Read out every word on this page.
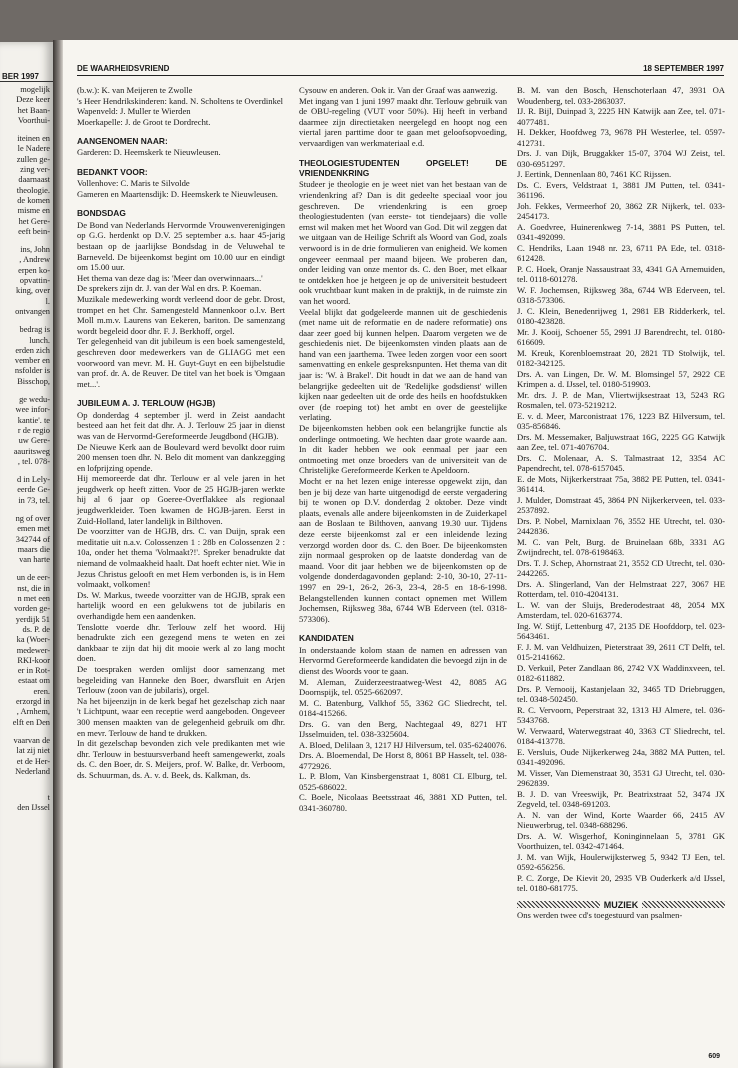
BER 1997
mogelijk
Deze keer
het Baan-
Voorthui-
iteinen en
le Nadere
zullen ge-
zing ver-
daarnaast
theologie.
de komen
misme en
het Gere-
eeft bein-
ins, John
, Andrew
erpen ko-
opvattin-
king, over
l.
ontvangen
bedrag is
lunch.
erden zich
vember en
nsfolder is
Bisschop,
ge wedu-
wee infor-
kantie'. te
r de regio
uw Gere-
aauritsweg
, tel. 078-
d in Lely-
eerde Ge-
in 73, tel.
ng of over
emen met
342744 of
maars die
van harte
un de eer-
nst, die in
n met een
vorden ge-
yerdijk 51
ds. P. de
ka (Woer-
medewer-
RKI-koor
er in Rot-
estaat om
eren.
erzorgd in
, Arnhem,
elft en Den
vaarvan de
lat zij niet
et de Her-
Nederland
t
den IJssel
DE WAARHEIDSVRIEND	18 SEPTEMBER 1997

(b.w.): K. van Meijeren te Zwolle

's Heer Hendrikskinderen: kand. N. Scholtens te Overdinkel

Wapenveld: J. Muller te Wierden

Moerkapelle: J. de Groot te Dordrecht.

AANGENOMEN NAAR:

Garderen: D. Heemskerk te Nieuwleusen.

BEDANKT VOOR:

Vollenhove: C. Maris te Silvolde

Gameren en Maartensdijk: D. Heemskerk te Nieuwleusen.

BONDSDAG

De Bond van Nederlands Hervormde Vrouwenverenigingen op G.G. herdenkt op D.V. 25 september a.s. haar 45-jarig bestaan op de jaarlijkse Bondsdag in de Veluwehal te Barneveld. De bijeenkomst begint om 10.00 uur en eindigt om 15.00 uur.

Het thema van deze dag is: 'Meer dan overwinnaars...'

De sprekers zijn dr. J. van der Wal en drs. P. Koeman.

Muzikale medewerking wordt verleend door de gebr. Drost, trompet en het Chr. Samengesteld Mannenkoor o.l.v. Bert Moll m.m.v. Laurens van Eekeren, bariton. De samenzang wordt begeleid door dhr. F. J. Berkhoff, orgel.

Ter gelegenheid van dit jubileum is een boek samengesteld, geschreven door medewerkers van de GLIAGG met een voorwoord van mevr. M. H. Guyt-Guyt en een bijbelstudie van prof. dr. A. de Reuver. De titel van het boek is 'Omgaan met...'.

JUBILEUM A. J. TERLOUW (HGJB)

Op donderdag 4 september jl. werd in Zeist aandacht besteed aan het feit dat dhr. A. J. Terlouw 25 jaar in dienst was van de Hervormd-Gereformeerde Jeugdbond (HGJB).

De Nieuwe Kerk aan de Boulevard werd bevolkt door ruim 200 mensen toen dhr. N. Belo dit moment van dankzegging en lofprijzing opende.

Hij memoreerde dat dhr. Terlouw er al vele jaren in het jeugdwerk op heeft zitten. Voor de 25 HGJB-jaren werkte hij al 6 jaar op Goeree-Overflakkee als regionaal jeugdwerkleider. Toen kwamen de HGJB-jaren. Eerst in Zuid-Holland, later landelijk in Bilthoven.

De voorzitter van de HGJB, drs. C. van Duijn, sprak een meditatie uit n.a.v. Colossenzen 1 : 28b en Colossenzen 2 : 10a, onder het thema 'Volmaakt?!'. Spreker benadrukte dat niemand de volmaakheid haalt. Dat hoeft echter niet. Wie in Jezus Christus gelooft en met Hem verbonden is, is in Hem volmaakt, volkomen!

Ds. W. Markus, tweede voorzitter van de HGJB, sprak een hartelijk woord en een gelukwens tot de jubilaris en overhandigde hem een aandenken.

Tenslotte voerde dhr. Terlouw zelf het woord. Hij benadrukte zich een gezegend mens te weten en zei dankbaar te zijn dat hij dit mooie werk al zo lang mocht doen.

De toespraken werden omlijst door samenzang met begeleiding van Hanneke den Boer, dwarsfluit en Arjen Terlouw (zoon van de jubilaris), orgel.

Na het bijeenzijn in de kerk begaf het gezelschap zich naar 't Lichtpunt, waar een receptie werd aangeboden. Ongeveer 300 mensen maakten van de gelegenheid gebruik om dhr. en mevr. Terlouw de hand te drukken.

In dit gezelschap bevonden zich vele predikanten met wie dhr. Terlouw in bestuursverband heeft samengewerkt, zoals ds. C. den Boer, dr. S. Meijers, prof. W. Balke, dr. Verboom, ds. Schuurman, ds. A. v. d. Beek, ds. Kalkman, ds.

Cysouw en anderen. Ook ir. Van der Graaf was aanwezig.

Met ingang van 1 juni 1997 maakt dhr. Terlouw gebruik van de OBU-regeling (VUT voor 50%). Hij heeft in verband daarmee zijn directietaken neergelegd en hoopt nog een viertal jaren parttime door te gaan met geloofsopvoeding, vervaardigen van werkmateriaal e.d.

THEOLOGIESTUDENTEN OPGELET! DE VRIENDENKRING

Studeer je theologie en je weet niet van het bestaan van de vriendenkring af? Dan is dit gedeelte speciaal voor jou geschreven. De vriendenkring is een groep theologiestudenten (van eerste- tot tiendejaars) die volle ernst wil maken met het Woord van God. Dit wil zeggen dat we uitgaan van de Heilige Schrift als Woord van God, zoals verwoord is in de drie formulieren van enigheid. We komen ongeveer eenmaal per maand bijeen. We proberen dan, onder leiding van onze mentor ds. C. den Boer, met elkaar te ontdekken hoe je hetgeen je op de universiteit bestudeert ook vruchtbaar kunt maken in de praktijk, in de ruimste zin van het woord.

Veelal blijkt dat godgeleerde mannen uit de geschiedenis (met name uit de reformatie en de nadere reformatie) ons daar zeer goed bij kunnen helpen. Daarom vergeten we de geschiedenis niet. De bijeenkomsten vinden plaats aan de hand van een jaarthema. Twee leden zorgen voor een soort samenvatting en enkele gespreksnpunten. Het thema van dit jaar is: 'W. à Brakel'. Dit houdt in dat we aan de hand van belangrijke gedeelten uit de 'Redelijke godsdienst' willen kijken naar gedeelten uit de orde des heils en hoofdstukken over (de roeping tot) het ambt en over de geestelijke verlating.

De bijeenkomsten hebben ook een belangrijke functie als onderlinge ontmoeting. We hechten daar grote waarde aan. In dit kader hebben we ook eenmaal per jaar een ontmoeting met onze broeders van de universiteit van de Christelijke Gereformeerde Kerken te Apeldoorn.

Mocht er na het lezen enige interesse opgewekt zijn, dan ben je bij deze van harte uitgenodigd de eerste vergadering bij te wonen op D.V. donderdag 2 oktober. Deze vindt plaats, evenals alle andere bijeenkomsten in de Zuiderkapel aan de Boslaan te Bilthoven, aanvang 19.30 uur. Tijdens deze eerste bijeenkomst zal er een inleidende lezing verzorgd worden door ds. C. den Boer. De bijeenkomsten zijn normaal gesproken op de laatste donderdag van de maand. Voor dit jaar hebben we de bijeenkomsten op de volgende donderdagavonden gepland: 2-10, 30-10, 27-11-1997 en 29-1, 26-2, 26-3, 23-4, 28-5 en 18-6-1998. Belangstellenden kunnen contact opnemen met Willem Jochemsen, Rijksweg 38a, 6744 WB Ederveen (tel. 0318-573306).

KANDIDATEN

In onderstaande kolom staan de namen en adressen van Hervormd Gereformeerde kandidaten die bevoegd zijn in de dienst des Woords voor te gaan.

M. Aleman, Zuiderzeestraatweg-West 42, 8085 AG Doornspijk, tel. 0525-662097.

M. C. Batenburg, Valkhof 55, 3362 GC Sliedrecht, tel. 0184-415266.

Drs. G. van den Berg, Nachtegaal 49, 8271 HT IJsselmuiden, tel. 038-3325604.

A. Bloed, Delilaan 3, 1217 HJ Hilversum, tel. 035-6240076.

Drs. A. Bloemendal, De Horst 8, 8061 BP Hasselt, tel. 038-4772926.

L. P. Blom, Van Kinsbergenstraat 1, 8081 CL Elburg, tel. 0525-686022.

C. Boele, Nicolaas Beetsstraat 46, 3881 XD Putten, tel. 0341-360780.

B. M. van den Bosch, Henschoterlaan 47, 3931 OA Woudenberg, tel. 033-2863037.

IJ. R. Bijl, Duinpad 3, 2225 HN Katwijk aan Zee, tel. 071-4077481.

H. Dekker, Hoofdweg 73, 9678 PH Westerlee, tel. 0597-412731.

Drs. J. van Dijk, Bruggakker 15-07, 3704 WJ Zeist, tel. 030-6951297.

J. Eertink, Dennenlaan 80, 7461 KC Rijssen.

Ds. C. Evers, Veldstraat 1, 3881 JM Putten, tel. 0341-361196.

Joh. Fekkes, Vermeerhof 20, 3862 ZR Nijkerk, tel. 033-2454173.

A. Goedvree, Huinerenkweg 7-14, 3881 PS Putten, tel. 0341-492099.

C. Hendriks, Laan 1948 nr. 23, 6711 PA Ede, tel. 0318-612428.

P. C. Hoek, Oranje Nassaustraat 33, 4341 GA Arnemuiden, tel. 0118-601278.

W. F. Jochemsen, Rijksweg 38a, 6744 WB Ederveen, tel. 0318-573306.

J. C. Klein, Benedenrijweg 1, 2981 EB Ridderkerk, tel. 0180-423828.

Mr. J. Kooij, Schoener 55, 2991 JJ Barendrecht, tel. 0180-616609.

M. Kreuk, Korenbloemstraat 20, 2821 TD Stolwijk, tel. 0182-342125.

Drs. A. van Lingen, Dr. W. M. Blomsingel 57, 2922 CE Krimpen a. d. IJssel, tel. 0180-519903.

Mr. drs. J. P. de Man, Vliertwijksestraat 13, 5243 RG Rosmalen, tel. 073-5219212.

E. v. d. Meer, Marconistraat 176, 1223 BZ Hilversum, tel. 035-856846.

Drs. M. Messemaker, Baljuwstraat 16G, 2225 GG Katwijk aan Zee, tel. 071-4076704.

Drs. C. Molenaar, A. S. Talmastraat 12, 3354 AC Papendrecht, tel. 078-6157045.

E. de Mots, Nijkerkerstraat 75a, 3882 PE Putten, tel. 0341-361414.

J. Mulder, Domstraat 45, 3864 PN Nijkerkerveen, tel. 033-2537892.

Drs. P. Nobel, Marnixlaan 76, 3552 HE Utrecht, tel. 030-2442836.

M. C. van Pelt, Burg. de Bruinelaan 68b, 3331 AG Zwijndrecht, tel. 078-6198463.

Drs. T. J. Schep, Ahornstraat 21, 3552 CD Utrecht, tel. 030-2442265.

Drs. A. Slingerland, Van der Helmstraat 227, 3067 HE Rotterdam, tel. 010-4204131.

L. W. van der Sluijs, Brederodestraat 48, 2054 MX Amsterdam, tel. 020-6163774.

Ing. W. Stijf, Lettenburg 47, 2135 DE Hoofddorp, tel. 023-5643461.

F. J. M. van Veldhuizen, Pieterstraat 39, 2611 CT Delft, tel. 015-2141662.

D. Verkuil, Peter Zandlaan 86, 2742 VX Waddinxveen, tel. 0182-611882.

Drs. P. Vernooij, Kastanjelaan 32, 3465 TD Driebruggen, tel. 0348-502450.

R. C. Vervoorn, Peperstraat 32, 1313 HJ Almere, tel. 036-5343768.

W. Verwaard, Waterwegstraat 40, 3363 CT Sliedrecht, tel. 0184-413778.

E. Versluis, Oude Nijkerkerweg 24a, 3882 MA Putten, tel. 0341-492096.

M. Visser, Van Diemenstraat 30, 3531 GJ Utrecht, tel. 030-2962839.

B. J. D. van Vreeswijk, Pr. Beatrixstraat 52, 3474 JX Zegveld, tel. 0348-691203.

A. N. van der Wind, Korte Waarder 66, 2415 AV Nieuwerbrug, tel. 0348-688296.

Drs. A. W. Wisgerhof, Koninginnelaan 5, 3781 GK Voorthuizen, tel. 0342-471464.

J. M. van Wijk, Houlerwijksterweg 5, 9342 TJ Een, tel. 0592-656256.

P. C. Zorge, De Kievit 20, 2935 VB Ouderkerk a/d IJssel, tel. 0180-681775.

MUZIEK

Ons werden twee cd's toegestuurd van psalmen-

609
